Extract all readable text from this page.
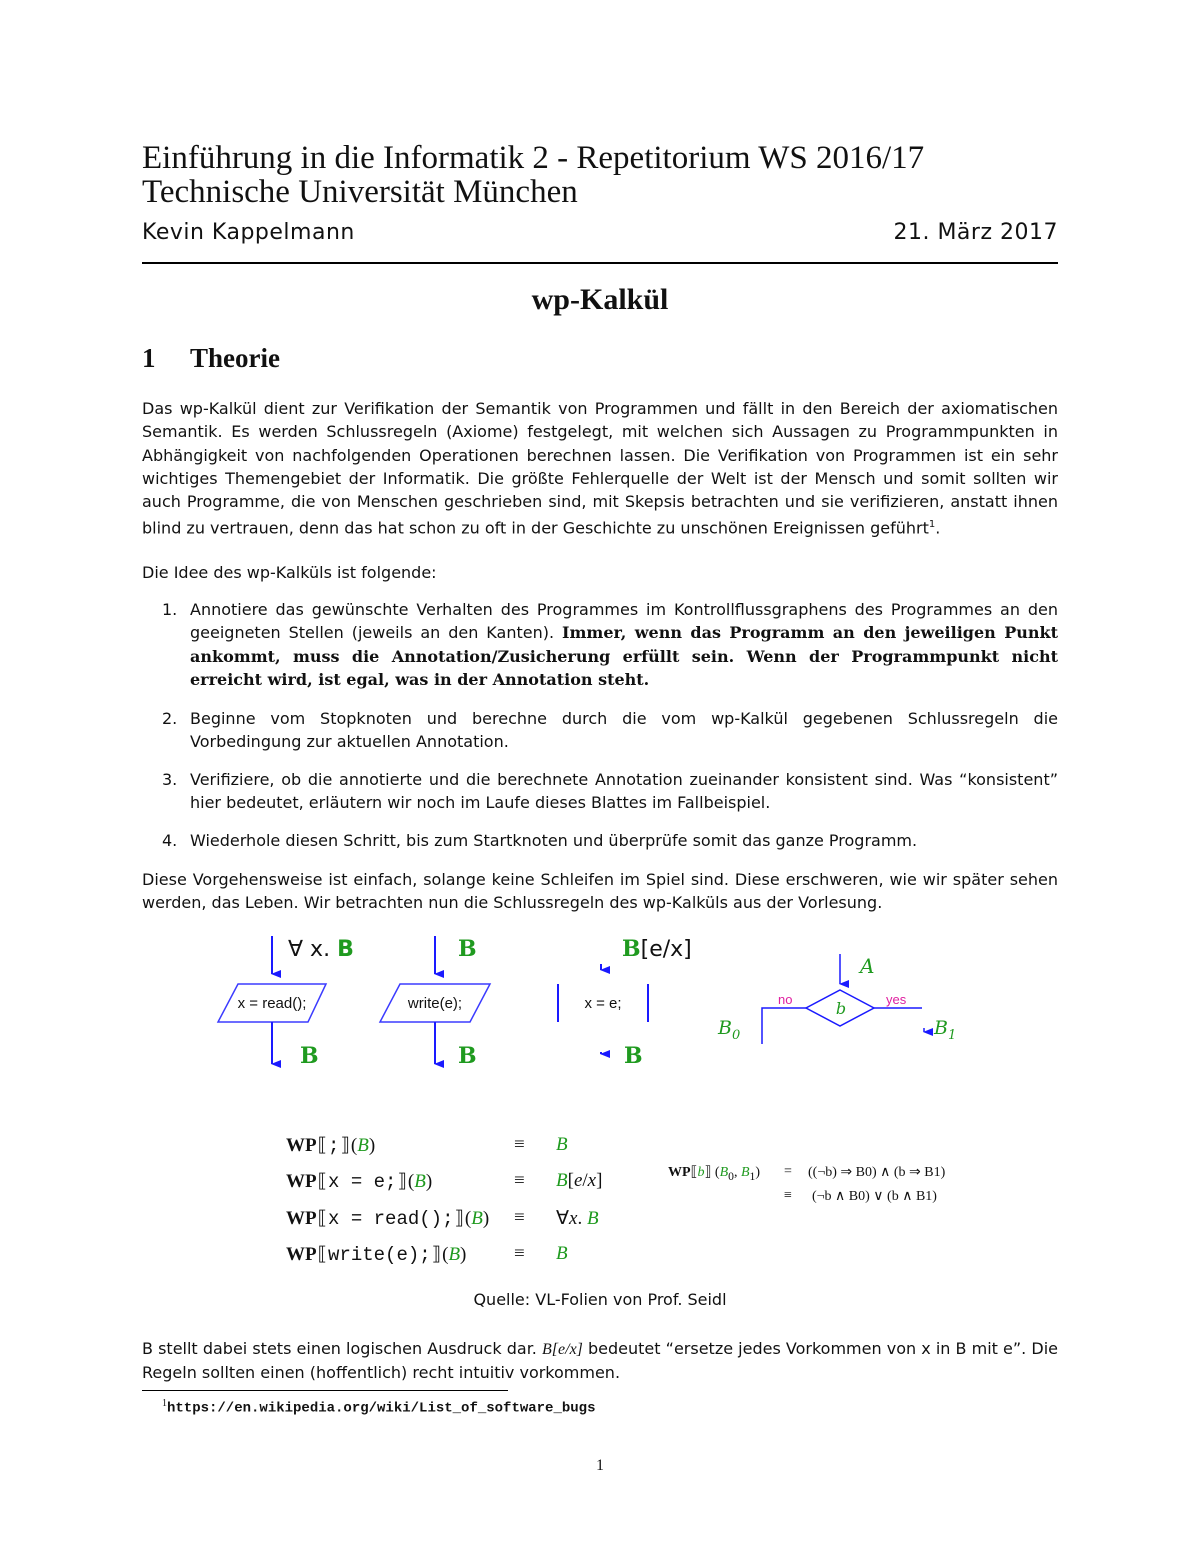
Einführung in die Informatik 2 - Repetitorium WS 2016/17
Technische Universität München
Kevin Kappelmann	21. März 2017
wp-Kalkül
1 Theorie
Das wp-Kalkül dient zur Verifikation der Semantik von Programmen und fällt in den Bereich der axiomatischen Semantik. Es werden Schlussregeln (Axiome) festgelegt, mit welchen sich Aussagen zu Programmpunkten in Abhängigkeit von nachfolgenden Operationen berechnen lassen. Die Verifikation von Programmen ist ein sehr wichtiges Themengebiet der Informatik. Die größte Fehlerquelle der Welt ist der Mensch und somit sollten wir auch Programme, die von Menschen geschrieben sind, mit Skepsis betrachten und sie verifizieren, anstatt ihnen blind zu vertrauen, denn das hat schon zu oft in der Geschichte zu unschönen Ereignissen geführt$^1$.
Die Idee des wp-Kalküls ist folgende:
1. Annotiere das gewünschte Verhalten des Programmes im Kontrollflussgraphens des Programmes an den geeigneten Stellen (jeweils an den Kanten). Immer, wenn das Programm an den jeweiligen Punkt ankommt, muss die Annotation/Zusicherung erfüllt sein. Wenn der Programmpunkt nicht erreicht wird, ist egal, was in der Annotation steht.
2. Beginne vom Stopknoten und berechne durch die vom wp-Kalkül gegebenen Schlussregeln die Vorbedingung zur aktuellen Annotation.
3. Verifiziere, ob die annotierte und die berechnete Annotation zueinander konsistent sind. Was “konsistent” hier bedeutet, erläutern wir noch im Laufe dieses Blattes im Fallbeispiel.
4. Wiederhole diesen Schritt, bis zum Startknoten und überprüfe somit das ganze Programm.
Diese Vorgehensweise ist einfach, solange keine Schleifen im Spiel sind. Diese erschweren, wie wir später sehen werden, das Leben. Wir betrachten nun die Schlussregeln des wp-Kalküls aus der Vorlesung.
x = read();
∀ x. B
B
write(e);
B
B
x = e;
B[e/x]
B
b
A
no	yes
$B_0$	$B_1$
WP⟦;⟧(B)	≡ B
WP⟦x = e;⟧(B)	≡ B[e/x]
WP⟦x = read();⟧(B) ≡ ∀x. B
WP⟦write(e);⟧(B)	≡ B
WP⟦b⟧ ($B_0$, $B_1$) = ((¬b) ⇒ B0) ∧ (b ⇒ B1)
≡ (¬b ∧ B0) ∨ (b ∧ B1)
Quelle: VL-Folien von Prof. Seidl
B stellt dabei stets einen logischen Ausdruck dar. B[e/x] bedeutet “ersetze jedes Vorkommen von x in B mit e”. Die Regeln sollten einen (hoffentlich) recht intuitiv vorkommen.
$^1$https://en.wikipedia.org/wiki/List_of_software_bugs
1
